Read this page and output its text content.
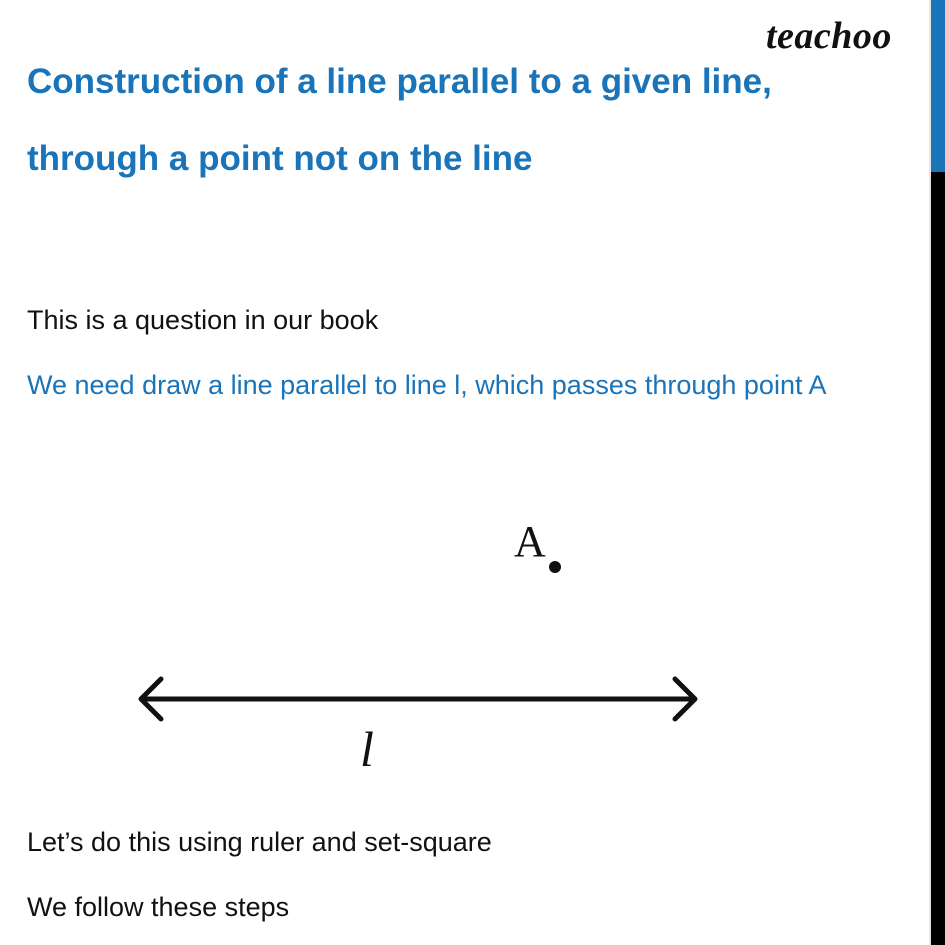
teachoo
Construction of a line parallel to a given line,
through a point not on the line

This is a question in our book

We need draw a line parallel to line l, which passes through point A

A
l

Let’s do this using ruler and set-square

We follow these steps
